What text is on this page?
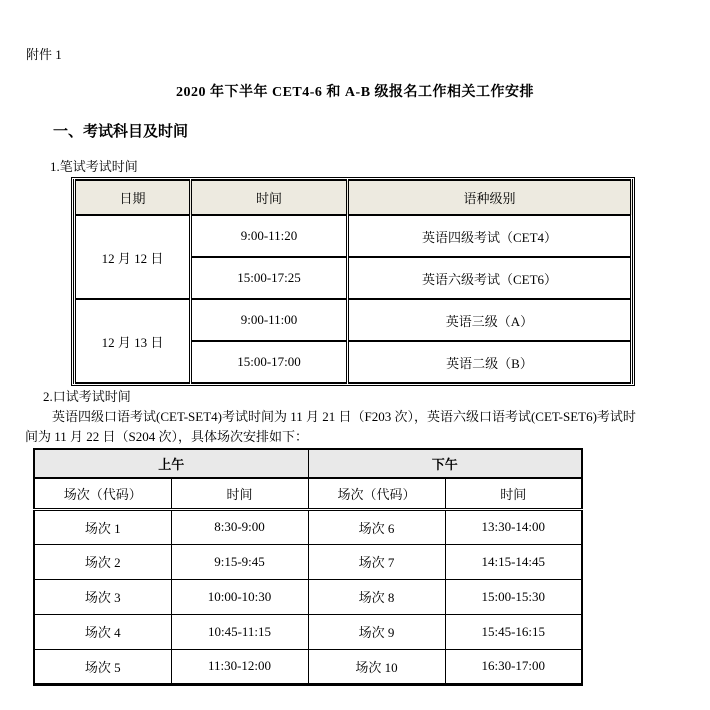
附件 1
2020 年下半年 CET4-6 和 A-B 级报名工作相关工作安排
一、考试科目及时间
1.笔试考试时间
日期	时间	语种级别
12 月 12 日	9:00-11:20	英语四级考试（CET4）
	15:00-17:25	英语六级考试（CET6）
12 月 13 日	9:00-11:00	英语三级（A）
	15:00-17:00	英语二级（B）
2.口试考试时间
英语四级口语考试(CET-SET4)考试时间为 11 月 21 日（F203 次），英语六级口语考试(CET-SET6)考试时
间为 11 月 22 日（S204 次），具体场次安排如下：
上午		下午	
场次（代码）	时间	场次（代码）	时间
场次 1	8:30-9:00	场次 6	13:30-14:00
场次 2	9:15-9:45	场次 7	14:15-14:45
场次 3	10:00-10:30	场次 8	15:00-15:30
场次 4	10:45-11:15	场次 9	15:45-16:15
场次 5	11:30-12:00	场次 10	16:30-17:00
